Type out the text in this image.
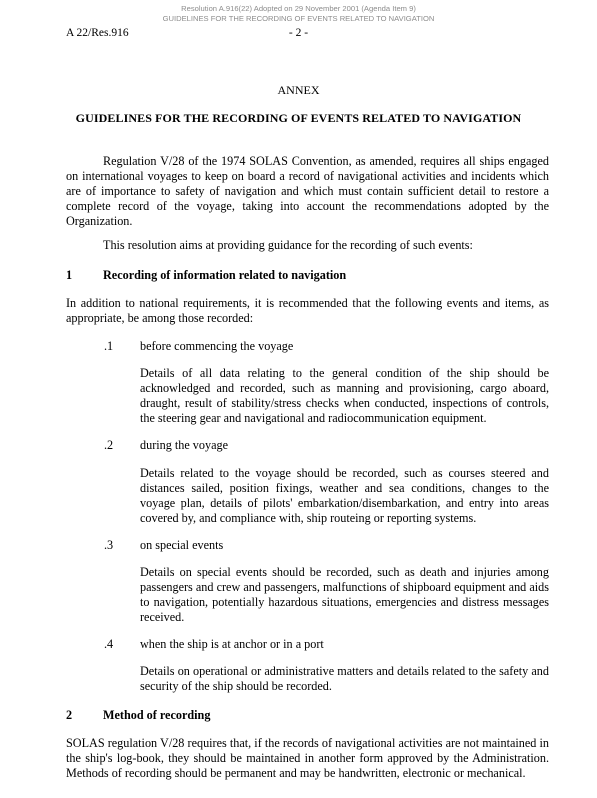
Resolution A.916(22) Adopted on 29 November 2001 (Agenda Item 9)
GUIDELINES FOR THE RECORDING OF EVENTS RELATED TO NAVIGATION
A 22/Res.916	- 2 -
ANNEX
GUIDELINES FOR THE RECORDING OF EVENTS RELATED TO NAVIGATION
Regulation V/28 of the 1974 SOLAS Convention, as amended, requires all ships engaged on international voyages to keep on board a record of navigational activities and incidents which are of importance to safety of navigation and which must contain sufficient detail to restore a complete record of the voyage, taking into account the recommendations adopted by the Organization.
This resolution aims at providing guidance for the recording of such events:
1	Recording of information related to navigation
In addition to national requirements, it is recommended that the following events and items, as appropriate, be among those recorded:
.1 before commencing the voyage
Details of all data relating to the general condition of the ship should be acknowledged and recorded, such as manning and provisioning, cargo aboard, draught, result of stability/stress checks when conducted, inspections of controls, the steering gear and navigational and radiocommunication equipment.
.2 during the voyage
Details related to the voyage should be recorded, such as courses steered and distances sailed, position fixings, weather and sea conditions, changes to the voyage plan, details of pilots' embarkation/disembarkation, and entry into areas covered by, and compliance with, ship routeing or reporting systems.
.3 on special events
Details on special events should be recorded, such as death and injuries among passengers and crew and passengers, malfunctions of shipboard equipment and aids to navigation, potentially hazardous situations, emergencies and distress messages received.
.4 when the ship is at anchor or in a port
Details on operational or administrative matters and details related to the safety and security of the ship should be recorded.
2	Method of recording
SOLAS regulation V/28 requires that, if the records of navigational activities are not maintained in the ship's log-book, they should be maintained in another form approved by the Administration. Methods of recording should be permanent and may be handwritten, electronic or mechanical.
